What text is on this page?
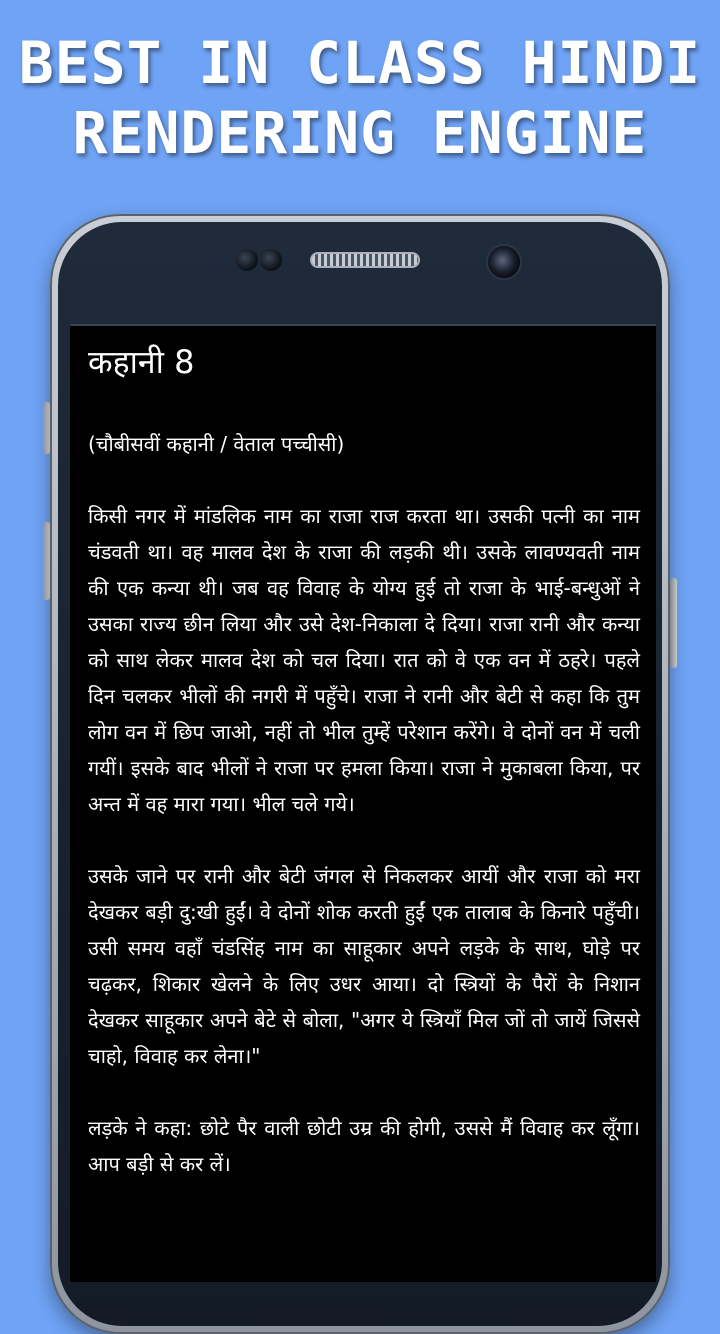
BEST IN CLASS HINDI
RENDERING ENGINE
कहानी 8
(चौबीसवीं कहानी / वेताल पच्चीसी)

किसी नगर में मांडलिक नाम का राजा राज करता था। उसकी पत्नी का नाम चंडवती था। वह मालव देश के राजा की लड़की थी। उसके लावण्यवती नाम की एक कन्या थी। जब वह विवाह के योग्य हुई तो राजा के भाई-बन्धुओं ने उसका राज्य छीन लिया और उसे देश-निकाला दे दिया। राजा रानी और कन्या को साथ लेकर मालव देश को चल दिया। रात को वे एक वन में ठहरे। पहले दिन चलकर भीलों की नगरी में पहुँचे। राजा ने रानी और बेटी से कहा कि तुम लोग वन में छिप जाओ, नहीं तो भील तुम्हें परेशान करेंगे। वे दोनों वन में चली गयीं। इसके बाद भीलों ने राजा पर हमला किया। राजा ने मुकाबला किया, पर अन्त में वह मारा गया। भील चले गये।

उसके जाने पर रानी और बेटी जंगल से निकलकर आयीं और राजा को मरा देखकर बड़ी दु:खी हुईं। वे दोनों शोक करती हुईं एक तालाब के किनारे पहुँची। उसी समय वहाँ चंडसिंह नाम का साहूकार अपने लड़के के साथ, घोड़े पर चढ़कर, शिकार खेलने के लिए उधर आया। दो स्त्रियों के पैरों के निशान देखकर साहूकार अपने बेटे से बोला, "अगर ये स्त्रियाँ मिल जों तो जायें जिससे चाहो, विवाह कर लेना।"

लड़के ने कहा: छोटे पैर वाली छोटी उम्र की होगी, उससे मैं विवाह कर लूँगा। आप बड़ी से कर लें।
